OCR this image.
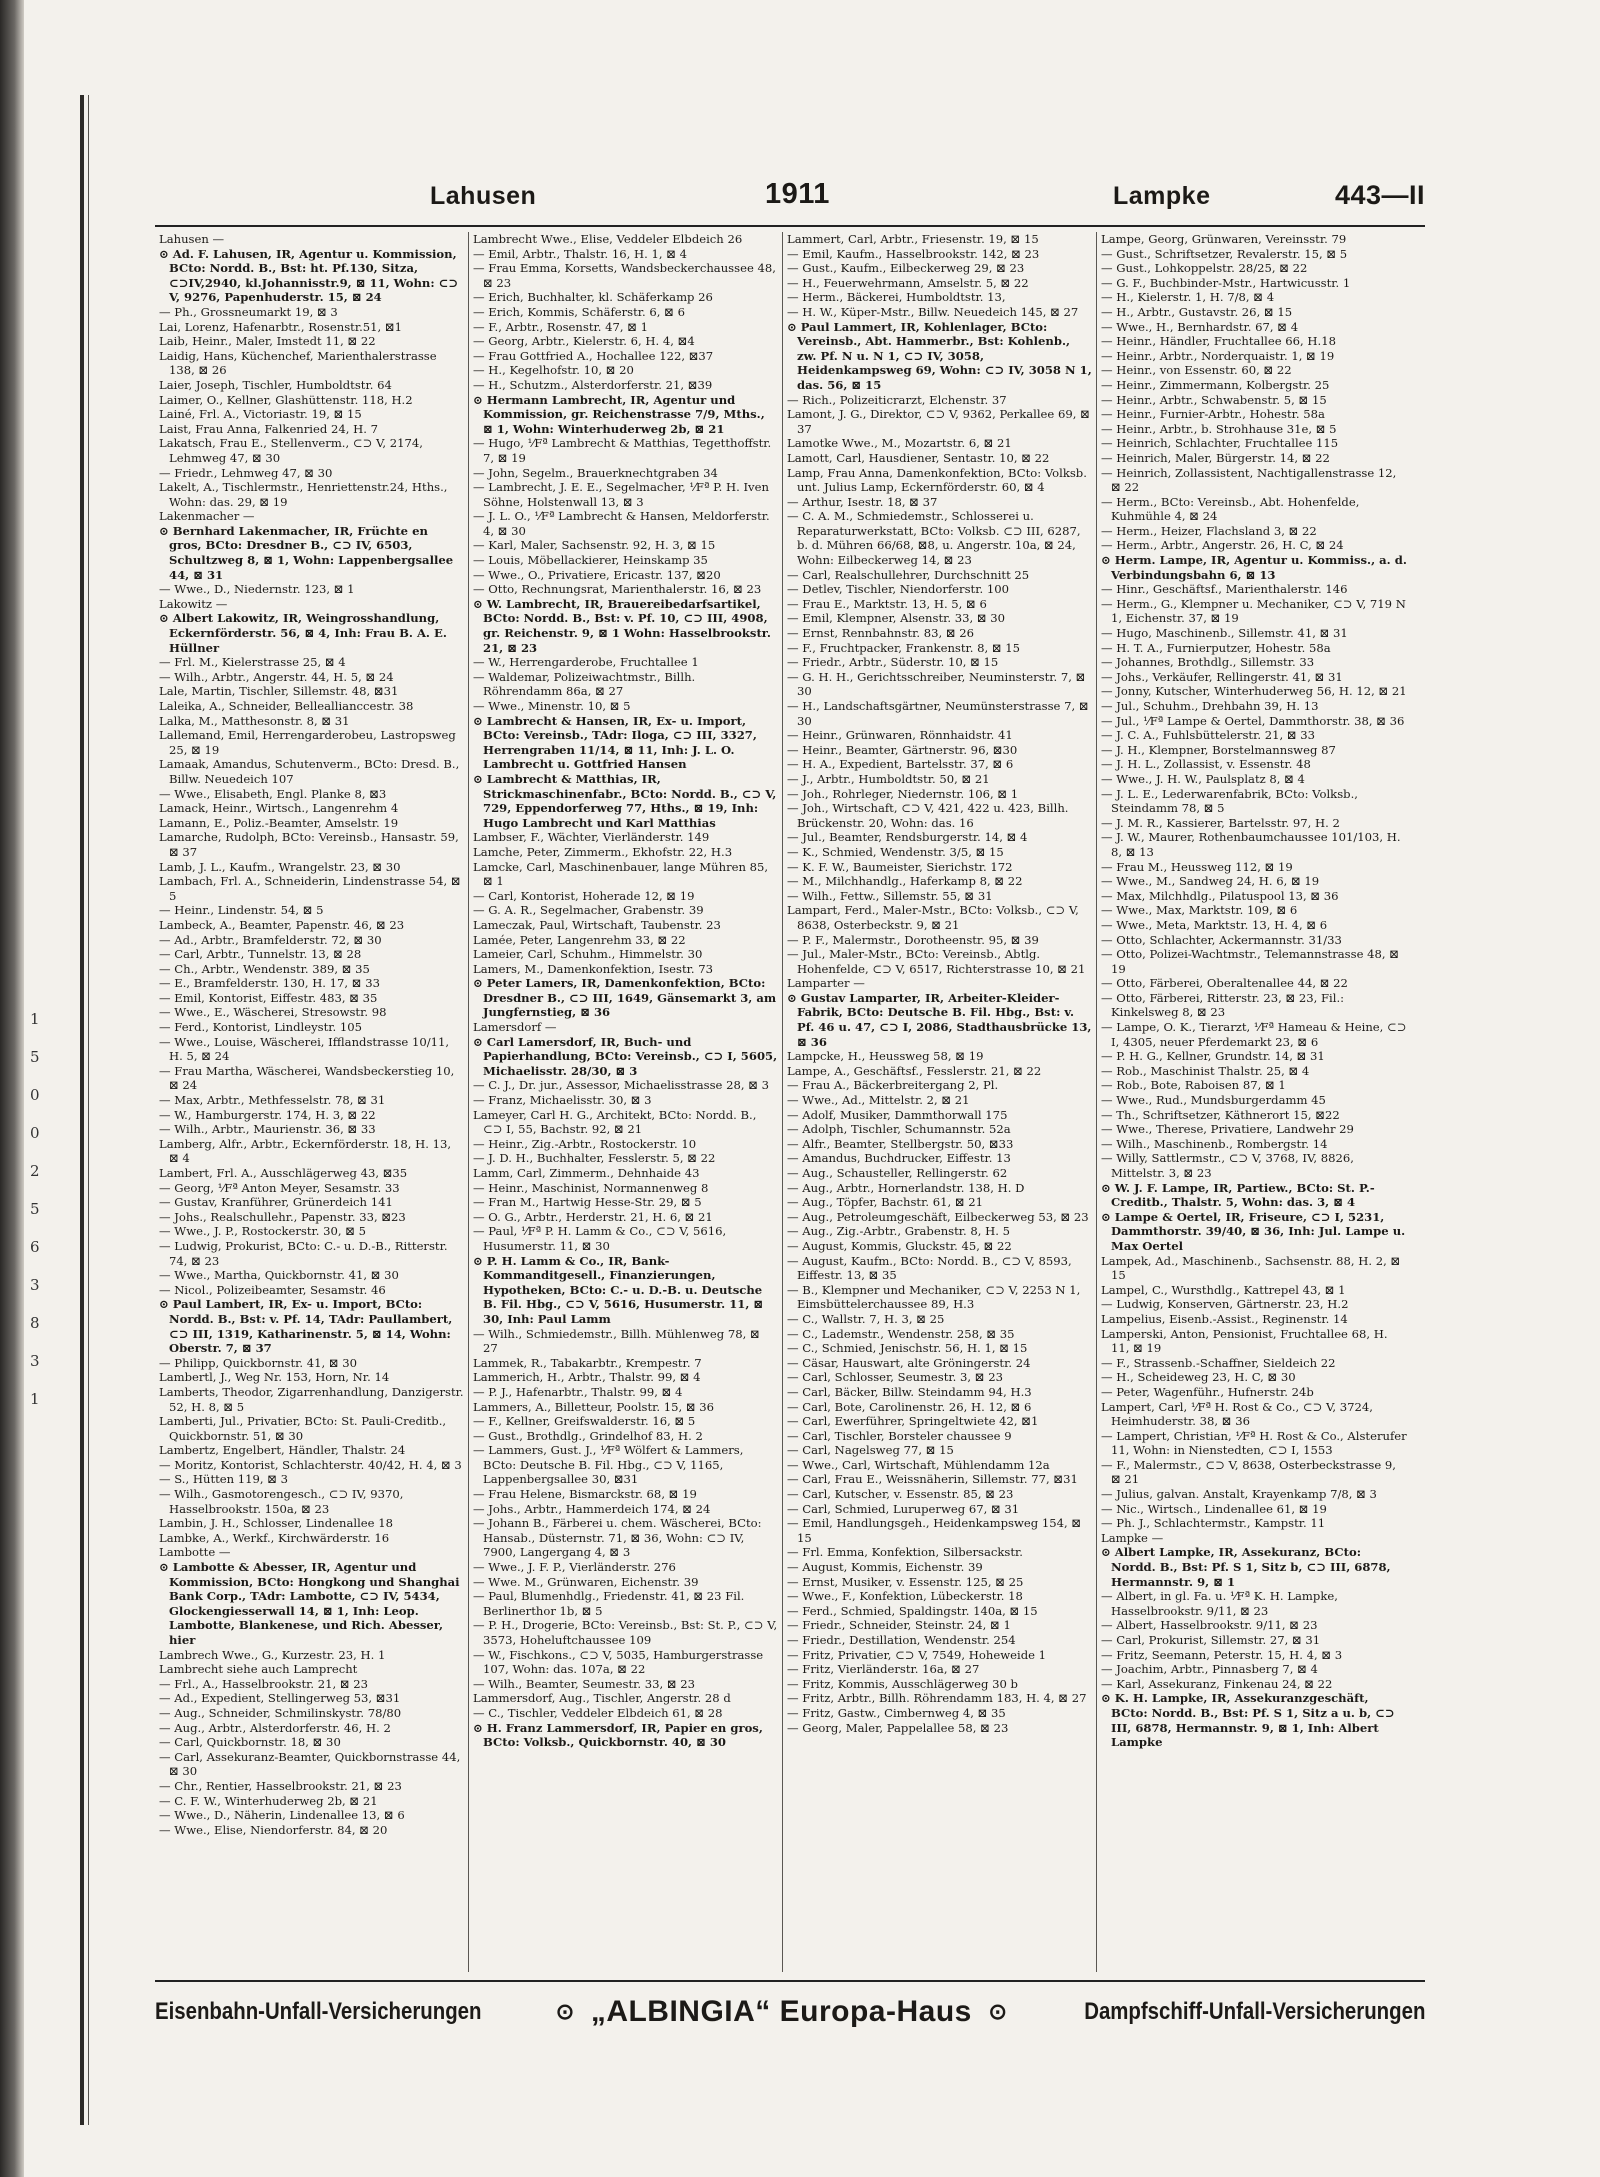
1
5
0
0
2
5
6
3
8
3
1
Lahusen	1911	Lampke	443—II

Lahusen —

⊙ Ad. F. Lahusen, IR, Agentur u. Kommission, BCto: Nordd. B., Bst: ht. Pf.130, Sitza, ⊂⊃IV,2940, kl.Johannisstr.9, ⊠ 11, Wohn: ⊂⊃ V, 9276, Papenhuderstr. 15, ⊠ 24

— Ph., Grossneumarkt 19, ⊠ 3

Lai, Lorenz, Hafenarbtr., Rosenstr.51, ⊠1

Laib, Heinr., Maler, Imstedt 11, ⊠ 22

Laidig, Hans, Küchenchef, Marienthalerstrasse 138, ⊠ 26

Laier, Joseph, Tischler, Humboldtstr. 64

Laimer, O., Kellner, Glashüttenstr. 118, H.2

Lainé, Frl. A., Victoriastr. 19, ⊠ 15

Laist, Frau Anna, Falkenried 24, H. 7

Lakatsch, Frau E., Stellenverm., ⊂⊃ V, 2174, Lehmweg 47, ⊠ 30

— Friedr., Lehmweg 47, ⊠ 30

Lakelt, A., Tischlermstr., Henriettenstr.24, Hths., Wohn: das. 29, ⊠ 19

Lakenmacher —

⊙ Bernhard Lakenmacher, IR, Früchte en gros, BCto: Dresdner B., ⊂⊃ IV, 6503, Schultzweg 8, ⊠ 1, Wohn: Lappenbergsallee 44, ⊠ 31

— Wwe., D., Niedernstr. 123, ⊠ 1

Lakowitz —

⊙ Albert Lakowitz, IR, Weingrosshandlung, Eckernförderstr. 56, ⊠ 4, Inh: Frau B. A. E. Hüllner

— Frl. M., Kielerstrasse 25, ⊠ 4

— Wilh., Arbtr., Angerstr. 44, H. 5, ⊠ 24

Lale, Martin, Tischler, Sillemstr. 48, ⊠31

Laleika, A., Schneider, Belleallianccestr. 38

Lalka, M., Matthesonstr. 8, ⊠ 31

Lallemand, Emil, Herrengarderobeu, Lastropsweg 25, ⊠ 19

Lamaak, Amandus, Schutenverm., BCto: Dresd. B., Billw. Neuedeich 107

— Wwe., Elisabeth, Engl. Planke 8, ⊠3

Lamack, Heinr., Wirtsch., Langenrehm 4

Lamann, E., Poliz.-Beamter, Amselstr. 19

Lamarche, Rudolph, BCto: Vereinsb., Hansastr. 59, ⊠ 37

Lamb, J. L., Kaufm., Wrangelstr. 23, ⊠ 30

Lambach, Frl. A., Schneiderin, Lindenstrasse 54, ⊠ 5

— Heinr., Lindenstr. 54, ⊠ 5

Lambeck, A., Beamter, Papenstr. 46, ⊠ 23

— Ad., Arbtr., Bramfelderstr. 72, ⊠ 30

— Carl, Arbtr., Tunnelstr. 13, ⊠ 28

— Ch., Arbtr., Wendenstr. 389, ⊠ 35

— E., Bramfelderstr. 130, H. 17, ⊠ 33

— Emil, Kontorist, Eiffestr. 483, ⊠ 35

— Wwe., E., Wäscherei, Stresowstr. 98

— Ferd., Kontorist, Lindleystr. 105

— Wwe., Louise, Wäscherei, Ifflandstrasse 10/11, H. 5, ⊠ 24

— Frau Martha, Wäscherei, Wandsbeckerstieg 10, ⊠ 24

— Max, Arbtr., Methfesselstr. 78, ⊠ 31

— W., Hamburgerstr. 174, H. 3, ⊠ 22

— Wilh., Arbtr., Maurienstr. 36, ⊠ 33

Lamberg, Alfr., Arbtr., Eckernförderstr. 18, H. 13, ⊠ 4

Lambert, Frl. A., Ausschlägerweg 43, ⊠35

— Georg, ⅟Fª Anton Meyer, Sesamstr. 33

— Gustav, Kranführer, Grünerdeich 141

— Johs., Realschullehr., Papenstr. 33, ⊠23

— Wwe., J. P., Rostockerstr. 30, ⊠ 5

— Ludwig, Prokurist, BCto: C.- u. D.-B., Ritterstr. 74, ⊠ 23

— Wwe., Martha, Quickbornstr. 41, ⊠ 30

— Nicol., Polizeibeamter, Sesamstr. 46

⊙ Paul Lambert, IR, Ex- u. Import, BCto: Nordd. B., Bst: v. Pf. 14, TAdr: Paullambert, ⊂⊃ III, 1319, Katharinenstr. 5, ⊠ 14, Wohn: Oberstr. 7, ⊠ 37

— Philipp, Quickbornstr. 41, ⊠ 30

Lambertl, J., Weg Nr. 153, Horn, Nr. 14

Lamberts, Theodor, Zigarrenhandlung, Danzigerstr. 52, H. 8, ⊠ 5

Lamberti, Jul., Privatier, BCto: St. Pauli-Creditb., Quickbornstr. 51, ⊠ 30

Lambertz, Engelbert, Händler, Thalstr. 24

— Moritz, Kontorist, Schlachterstr. 40/42, H. 4, ⊠ 3

— S., Hütten 119, ⊠ 3

— Wilh., Gasmotorengesch., ⊂⊃ IV, 9370, Hasselbrookstr. 150a, ⊠ 23

Lambin, J. H., Schlosser, Lindenallee 18

Lambke, A., Werkf., Kirchwärderstr. 16

Lambotte —

⊙ Lambotte & Abesser, IR, Agentur und Kommission, BCto: Hongkong und Shanghai Bank Corp., TAdr: Lambotte, ⊂⊃ IV, 5434, Glockengiesserwall 14, ⊠ 1, Inh: Leop. Lambotte, Blankenese, und Rich. Abesser, hier

Lambrech Wwe., G., Kurzestr. 23, H. 1

Lambrecht siehe auch Lamprecht

— Frl., A., Hasselbrookstr. 21, ⊠ 23

— Ad., Expedient, Stellingerweg 53, ⊠31

— Aug., Schneider, Schmilinskystr. 78/80

— Aug., Arbtr., Alsterdorferstr. 46, H. 2

— Carl, Quickbornstr. 18, ⊠ 30

— Carl, Assekuranz-Beamter, Quickbornstrasse 44, ⊠ 30

— Chr., Rentier, Hasselbrookstr. 21, ⊠ 23

— C. F. W., Winterhuderweg 2b, ⊠ 21

— Wwe., D., Näherin, Lindenallee 13, ⊠ 6

— Wwe., Elise, Niendorferstr. 84, ⊠ 20

Lambrecht Wwe., Elise, Veddeler Elbdeich 26

— Emil, Arbtr., Thalstr. 16, H. 1, ⊠ 4

— Frau Emma, Korsetts, Wandsbeckerchaussee 48, ⊠ 23

— Erich, Buchhalter, kl. Schäferkamp 26

— Erich, Kommis, Schäferstr. 6, ⊠ 6

— F., Arbtr., Rosenstr. 47, ⊠ 1

— Georg, Arbtr., Kielerstr. 6, H. 4, ⊠4

— Frau Gottfried A., Hochallee 122, ⊠37

— H., Kegelhofstr. 10, ⊠ 20

— H., Schutzm., Alsterdorferstr. 21, ⊠39

⊙ Hermann Lambrecht, IR, Agentur und Kommission, gr. Reichenstrasse 7/9, Mths., ⊠ 1, Wohn: Winterhuderweg 2b, ⊠ 21

— Hugo, ⅟Fª Lambrecht & Matthias, Tegetthoffstr. 7, ⊠ 19

— John, Segelm., Brauerknechtgraben 34

— Lambrecht, J. E. E., Segelmacher, ⅟Fª P. H. Iven Söhne, Holstenwall 13, ⊠ 3

— J. L. O., ⅟Fª Lambrecht & Hansen, Meldorferstr. 4, ⊠ 30

— Karl, Maler, Sachsenstr. 92, H. 3, ⊠ 15

— Louis, Möbellackierer, Heinskamp 35

— Wwe., O., Privatiere, Ericastr. 137, ⊠20

— Otto, Rechnungsrat, Marienthalerstr. 16, ⊠ 23

⊙ W. Lambrecht, IR, Brauereibedarfsartikel, BCto: Nordd. B., Bst: v. Pf. 10, ⊂⊃ III, 4908, gr. Reichenstr. 9, ⊠ 1 Wohn: Hasselbrookstr. 21, ⊠ 23

— W., Herrengarderobe, Fruchtallee 1

— Waldemar, Polizeiwachtmstr., Billh. Röhrendamm 86a, ⊠ 27

— Wwe., Minenstr. 10, ⊠ 5

⊙ Lambrecht & Hansen, IR, Ex- u. Import, BCto: Vereinsb., TAdr: Iloga, ⊂⊃ III, 3327, Herrengraben 11/14, ⊠ 11, Inh: J. L. O. Lambrecht u. Gottfried Hansen

⊙ Lambrecht & Matthias, IR, Strickmaschinenfabr., BCto: Nordd. B., ⊂⊃ V, 729, Eppendorferweg 77, Hths., ⊠ 19, Inh: Hugo Lambrecht und Karl Matthias

Lambser, F., Wächter, Vierländerstr. 149

Lamche, Peter, Zimmerm., Ekhofstr. 22, H.3

Lamcke, Carl, Maschinenbauer, lange Mühren 85, ⊠ 1

— Carl, Kontorist, Hoherade 12, ⊠ 19

— G. A. R., Segelmacher, Grabenstr. 39

Lameczak, Paul, Wirtschaft, Taubenstr. 23

Lamée, Peter, Langenrehm 33, ⊠ 22

Lameier, Carl, Schuhm., Himmelstr. 30

Lamers, M., Damenkonfektion, Isestr. 73

⊙ Peter Lamers, IR, Damenkonfektion, BCto: Dresdner B., ⊂⊃ III, 1649, Gänsemarkt 3, am Jungfernstieg, ⊠ 36

Lamersdorf —

⊙ Carl Lamersdorf, IR, Buch- und Papierhandlung, BCto: Vereinsb., ⊂⊃ I, 5605, Michaelisstr. 28/30, ⊠ 3

— C. J., Dr. jur., Assessor, Michaelisstrasse 28, ⊠ 3

— Franz, Michaelisstr. 30, ⊠ 3

Lameyer, Carl H. G., Architekt, BCto: Nordd. B., ⊂⊃ I, 55, Bachstr. 92, ⊠ 21

— Heinr., Zig.-Arbtr., Rostockerstr. 10

— J. D. H., Buchhalter, Fesslerstr. 5, ⊠ 22

Lamm, Carl, Zimmerm., Dehnhaide 43

— Heinr., Maschinist, Normannenweg 8

— Fran M., Hartwig Hesse-Str. 29, ⊠ 5

— O. G., Arbtr., Herderstr. 21, H. 6, ⊠ 21

— Paul, ⅟Fª P. H. Lamm & Co., ⊂⊃ V, 5616, Husumerstr. 11, ⊠ 30

⊙ P. H. Lamm & Co., IR, Bank-Kommanditgesell., Finanzierungen, Hypotheken, BCto: C.- u. D.-B. u. Deutsche B. Fil. Hbg., ⊂⊃ V, 5616, Husumerstr. 11, ⊠ 30, Inh: Paul Lamm

— Wilh., Schmiedemstr., Billh. Mühlenweg 78, ⊠ 27

Lammek, R., Tabakarbtr., Krempestr. 7

Lammerich, H., Arbtr., Thalstr. 99, ⊠ 4

— P. J., Hafenarbtr., Thalstr. 99, ⊠ 4

Lammers, A., Billetteur, Poolstr. 15, ⊠ 36

— F., Kellner, Greifswalderstr. 16, ⊠ 5

— Gust., Brothdlg., Grindelhof 83, H. 2

— Lammers, Gust. J., ⅟Fª Wölfert & Lammers, BCto: Deutsche B. Fil. Hbg., ⊂⊃ V, 1165, Lappenbergsallee 30, ⊠31

— Frau Helene, Bismarckstr. 68, ⊠ 19

— Johs., Arbtr., Hammerdeich 174, ⊠ 24

— Johann B., Färberei u. chem. Wäscherei, BCto: Hansab., Düsternstr. 71, ⊠ 36, Wohn: ⊂⊃ IV, 7900, Langergang 4, ⊠ 3

— Wwe., J. F. P., Vierländerstr. 276

— Wwe. M., Grünwaren, Eichenstr. 39

— Paul, Blumenhdlg., Friedenstr. 41, ⊠ 23 Fil. Berlinerthor 1b, ⊠ 5

— P. H., Drogerie, BCto: Vereinsb., Bst: St. P., ⊂⊃ V, 3573, Hoheluftchaussee 109

— W., Fischkons., ⊂⊃ V, 5035, Hamburgerstrasse 107, Wohn: das. 107a, ⊠ 22

— Wilh., Beamter, Seumestr. 33, ⊠ 23

Lammersdorf, Aug., Tischler, Angerstr. 28 d

— C., Tischler, Veddeler Elbdeich 61, ⊠ 28

⊙ H. Franz Lammersdorf, IR, Papier en gros, BCto: Volksb., Quickbornstr. 40, ⊠ 30

Lammert, Carl, Arbtr., Friesenstr. 19, ⊠ 15

— Emil, Kaufm., Hasselbrookstr. 142, ⊠ 23

— Gust., Kaufm., Eilbeckerweg 29, ⊠ 23

— H., Feuerwehrmann, Amselstr. 5, ⊠ 22

— Herm., Bäckerei, Humboldtstr. 13,

— H. W., Küper-Mstr., Billw. Neuedeich 145, ⊠ 27

⊙ Paul Lammert, IR, Kohlenlager, BCto: Vereinsb., Abt. Hammerbr., Bst: Kohlenb., zw. Pf. N u. N 1, ⊂⊃ IV, 3058, Heidenkampsweg 69, Wohn: ⊂⊃ IV, 3058 N 1, das. 56, ⊠ 15

— Rich., Polizeiticrarzt, Elchenstr. 37

Lamont, J. G., Direktor, ⊂⊃ V, 9362, Perkallee 69, ⊠ 37

Lamotke Wwe., M., Mozartstr. 6, ⊠ 21

Lamott, Carl, Hausdiener, Sentastr. 10, ⊠ 22

Lamp, Frau Anna, Damenkonfektion, BCto: Volksb. unt. Julius Lamp, Eckernförderstr. 60, ⊠ 4

— Arthur, Isestr. 18, ⊠ 37

— C. A. M., Schmiedemstr., Schlosserei u. Reparaturwerkstatt, BCto: Volksb. ⊂⊃ III, 6287, b. d. Mühren 66/68, ⊠8, u. Angerstr. 10a, ⊠ 24, Wohn: Eilbeckerweg 14, ⊠ 23

— Carl, Realschullehrer, Durchschnitt 25

— Detlev, Tischler, Niendorferstr. 100

— Frau E., Marktstr. 13, H. 5, ⊠ 6

— Emil, Klempner, Alsenstr. 33, ⊠ 30

— Ernst, Rennbahnstr. 83, ⊠ 26

— F., Fruchtpacker, Frankenstr. 8, ⊠ 15

— Friedr., Arbtr., Süderstr. 10, ⊠ 15

— G. H. H., Gerichtsschreiber, Neuminsterstr. 7, ⊠ 30

— H., Landschaftsgärtner, Neumünsterstrasse 7, ⊠ 30

— Heinr., Grünwaren, Rönnhaidstr. 41

— Heinr., Beamter, Gärtnerstr. 96, ⊠30

— H. A., Expedient, Bartelsstr. 37, ⊠ 6

— J., Arbtr., Humboldtstr. 50, ⊠ 21

— Joh., Rohrleger, Niedernstr. 106, ⊠ 1

— Joh., Wirtschaft, ⊂⊃ V, 421, 422 u. 423, Billh. Brückenstr. 20, Wohn: das. 16

— Jul., Beamter, Rendsburgerstr. 14, ⊠ 4

— K., Schmied, Wendenstr. 3/5, ⊠ 15

— K. F. W., Baumeister, Sierichstr. 172

— M., Milchhandlg., Haferkamp 8, ⊠ 22

— Wilh., Fettw., Sillemstr. 55, ⊠ 31

Lampart, Ferd., Maler-Mstr., BCto: Volksb., ⊂⊃ V, 8638, Osterbeckstr. 9, ⊠ 21

— P. F., Malermstr., Dorotheenstr. 95, ⊠ 39

— Jul., Maler-Mstr., BCto: Vereinsb., Abtlg. Hohenfelde, ⊂⊃ V, 6517, Richterstrasse 10, ⊠ 21

Lamparter —

⊙ Gustav Lamparter, IR, Arbeiter-Kleider-Fabrik, BCto: Deutsche B. Fil. Hbg., Bst: v. Pf. 46 u. 47, ⊂⊃ I, 2086, Stadthausbrücke 13, ⊠ 36

Lampcke, H., Heussweg 58, ⊠ 19

Lampe, A., Geschäftsf., Fesslerstr. 21, ⊠ 22

— Frau A., Bäckerbreitergang 2, Pl.

— Wwe., Ad., Mittelstr. 2, ⊠ 21

— Adolf, Musiker, Dammthorwall 175

— Adolph, Tischler, Schumannstr. 52a

— Alfr., Beamter, Stellbergstr. 50, ⊠33

— Amandus, Buchdrucker, Eiffestr. 13

— Aug., Schausteller, Rellingerstr. 62

— Aug., Arbtr., Hornerlandstr. 138, H. D

— Aug., Töpfer, Bachstr. 61, ⊠ 21

— Aug., Petroleumgeschäft, Eilbeckerweg 53, ⊠ 23

— Aug., Zig.-Arbtr., Grabenstr. 8, H. 5

— August, Kommis, Gluckstr. 45, ⊠ 22

— August, Kaufm., BCto: Nordd. B., ⊂⊃ V, 8593, Eiffestr. 13, ⊠ 35

— B., Klempner und Mechaniker, ⊂⊃ V, 2253 N 1, Eimsbüttelerchaussee 89, H.3

— C., Wallstr. 7, H. 3, ⊠ 25

— C., Lademstr., Wendenstr. 258, ⊠ 35

— C., Schmied, Jenischstr. 56, H. 1, ⊠ 15

— Cäsar, Hauswart, alte Gröningerstr. 24

— Carl, Schlosser, Seumestr. 3, ⊠ 23

— Carl, Bäcker, Billw. Steindamm 94, H.3

— Carl, Bote, Carolinenstr. 26, H. 12, ⊠ 6

— Carl, Ewerführer, Springeltwiete 42, ⊠1

— Carl, Tischler, Borsteler chaussee 9

— Carl, Nagelsweg 77, ⊠ 15

— Wwe., Carl, Wirtschaft, Mühlendamm 12a

— Carl, Frau E., Weissnäherin, Sillemstr. 77, ⊠31

— Carl, Kutscher, v. Essenstr. 85, ⊠ 23

— Carl, Schmied, Luruperweg 67, ⊠ 31

— Emil, Handlungsgeh., Heidenkampsweg 154, ⊠ 15

— Frl. Emma, Konfektion, Silbersackstr.

— August, Kommis, Eichenstr. 39

— Ernst, Musiker, v. Essenstr. 125, ⊠ 25

— Wwe., F., Konfektion, Lübeckerstr. 18

— Ferd., Schmied, Spaldingstr. 140a, ⊠ 15

— Friedr., Schneider, Steinstr. 24, ⊠ 1

— Friedr., Destillation, Wendenstr. 254

— Fritz, Privatier, ⊂⊃ V, 7549, Hoheweide 1

— Fritz, Vierländerstr. 16a, ⊠ 27

— Fritz, Kommis, Ausschlägerweg 30 b

— Fritz, Arbtr., Billh. Röhrendamm 183, H. 4, ⊠ 27

— Fritz, Gastw., Cimbernweg 4, ⊠ 35

— Georg, Maler, Pappelallee 58, ⊠ 23

Lampe, Georg, Grünwaren, Vereinsstr. 79

— Gust., Schriftsetzer, Revalerstr. 15, ⊠ 5

— Gust., Lohkoppelstr. 28/25, ⊠ 22

— G. F., Buchbinder-Mstr., Hartwicusstr. 1

— H., Kielerstr. 1, H. 7/8, ⊠ 4

— H., Arbtr., Gustavstr. 26, ⊠ 15

— Wwe., H., Bernhardstr. 67, ⊠ 4

— Heinr., Händler, Fruchtallee 66, H.18

— Heinr., Arbtr., Norderquaistr. 1, ⊠ 19

— Heinr., von Essenstr. 60, ⊠ 22

— Heinr., Zimmermann, Kolbergstr. 25

— Heinr., Arbtr., Schwabenstr. 5, ⊠ 15

— Heinr., Furnier-Arbtr., Hohestr. 58a

— Heinr., Arbtr., b. Strohhause 31e, ⊠ 5

— Heinrich, Schlachter, Fruchtallee 115

— Heinrich, Maler, Bürgerstr. 14, ⊠ 22

— Heinrich, Zollassistent, Nachtigallenstrasse 12, ⊠ 22

— Herm., BCto: Vereinsb., Abt. Hohenfelde, Kuhmühle 4, ⊠ 24

— Herm., Heizer, Flachsland 3, ⊠ 22

— Herm., Arbtr., Angerstr. 26, H. C, ⊠ 24

⊙ Herm. Lampe, IR, Agentur u. Kommiss., a. d. Verbindungsbahn 6, ⊠ 13

— Hinr., Geschäftsf., Marienthalerstr. 146

— Herm., G., Klempner u. Mechaniker, ⊂⊃ V, 719 N 1, Eichenstr. 37, ⊠ 19

— Hugo, Maschinenb., Sillemstr. 41, ⊠ 31

— H. T. A., Furnierputzer, Hohestr. 58a

— Johannes, Brothdlg., Sillemstr. 33

— Johs., Verkäufer, Rellingerstr. 41, ⊠ 31

— Jonny, Kutscher, Winterhuderweg 56, H. 12, ⊠ 21

— Jul., Schuhm., Drehbahn 39, H. 13

— Jul., ⅟Fª Lampe & Oertel, Dammthorstr. 38, ⊠ 36

— J. C. A., Fuhlsbüttelerstr. 21, ⊠ 33

— J. H., Klempner, Borstelmannsweg 87

— J. H. L., Zollassist, v. Essenstr. 48

— Wwe., J. H. W., Paulsplatz 8, ⊠ 4

— J. L. E., Lederwarenfabrik, BCto: Volksb., Steindamm 78, ⊠ 5

— J. M. R., Kassierer, Bartelsstr. 97, H. 2

— J. W., Maurer, Rothenbaumchaussee 101/103, H. 8, ⊠ 13

— Frau M., Heussweg 112, ⊠ 19

— Wwe., M., Sandweg 24, H. 6, ⊠ 19

— Max, Milchhdlg., Pilatuspool 13, ⊠ 36

— Wwe., Max, Marktstr. 109, ⊠ 6

— Wwe., Meta, Marktstr. 13, H. 4, ⊠ 6

— Otto, Schlachter, Ackermannstr. 31/33

— Otto, Polizei-Wachtmstr., Telemannstrasse 48, ⊠ 19

— Otto, Färberei, Oberaltenallee 44, ⊠ 22

— Otto, Färberei, Ritterstr. 23, ⊠ 23, Fil.: Kinkelsweg 8, ⊠ 23

— Lampe, O. K., Tierarzt, ⅟Fª Hameau & Heine, ⊂⊃ I, 4305, neuer Pferdemarkt 23, ⊠ 6

— P. H. G., Kellner, Grundstr. 14, ⊠ 31

— Rob., Maschinist Thalstr. 25, ⊠ 4

— Rob., Bote, Raboisen 87, ⊠ 1

— Wwe., Rud., Mundsburgerdamm 45

— Th., Schriftsetzer, Käthnerort 15, ⊠22

— Wwe., Therese, Privatiere, Landwehr 29

— Wilh., Maschinenb., Rombergstr. 14

— Willy, Sattlermstr., ⊂⊃ V, 3768, IV, 8826, Mittelstr. 3, ⊠ 23

⊙ W. J. F. Lampe, IR, Partiew., BCto: St. P.-Creditb., Thalstr. 5, Wohn: das. 3, ⊠ 4

⊙ Lampe & Oertel, IR, Friseure, ⊂⊃ I, 5231, Dammthorstr. 39/40, ⊠ 36, Inh: Jul. Lampe u. Max Oertel

Lampek, Ad., Maschinenb., Sachsenstr. 88, H. 2, ⊠ 15

Lampel, C., Wursthdlg., Kattrepel 43, ⊠ 1

— Ludwig, Konserven, Gärtnerstr. 23, H.2

Lampelius, Eisenb.-Assist., Reginenstr. 14

Lamperski, Anton, Pensionist, Fruchtallee 68, H. 11, ⊠ 19

— F., Strassenb.-Schaffner, Sieldeich 22

— H., Scheideweg 23, H. C, ⊠ 30

— Peter, Wagenführ., Hufnerstr. 24b

Lampert, Carl, ⅟Fª H. Rost & Co., ⊂⊃ V, 3724, Heimhuderstr. 38, ⊠ 36

— Lampert, Christian, ⅟Fª H. Rost & Co., Alsterufer 11, Wohn: in Nienstedten, ⊂⊃ I, 1553

— F., Malermstr., ⊂⊃ V, 8638, Osterbeckstrasse 9, ⊠ 21

— Julius, galvan. Anstalt, Krayenkamp 7/8, ⊠ 3

— Nic., Wirtsch., Lindenallee 61, ⊠ 19

— Ph. J., Schlachtermstr., Kampstr. 11

Lampke —

⊙ Albert Lampke, IR, Assekuranz, BCto: Nordd. B., Bst: Pf. S 1, Sitz b, ⊂⊃ III, 6878, Hermannstr. 9, ⊠ 1

— Albert, in gl. Fa. u. ⅟Fª K. H. Lampke, Hasselbrookstr. 9/11, ⊠ 23

— Albert, Hasselbrookstr. 9/11, ⊠ 23

— Carl, Prokurist, Sillemstr. 27, ⊠ 31

— Fritz, Seemann, Peterstr. 15, H. 4, ⊠ 3

— Joachim, Arbtr., Pinnasberg 7, ⊠ 4

— Karl, Assekuranz, Finkenau 24, ⊠ 22

⊙ K. H. Lampke, IR, Assekuranzgeschäft, BCto: Nordd. B., Bst: Pf. S 1, Sitz a u. b, ⊂⊃ III, 6878, Hermannstr. 9, ⊠ 1, Inh: Albert Lampke

Eisenbahn-Unfall-Versicherungen	⊙ „ALBINGIA“ Europa-Haus ⊙	Dampfschiff-Unfall-Versicherungen
